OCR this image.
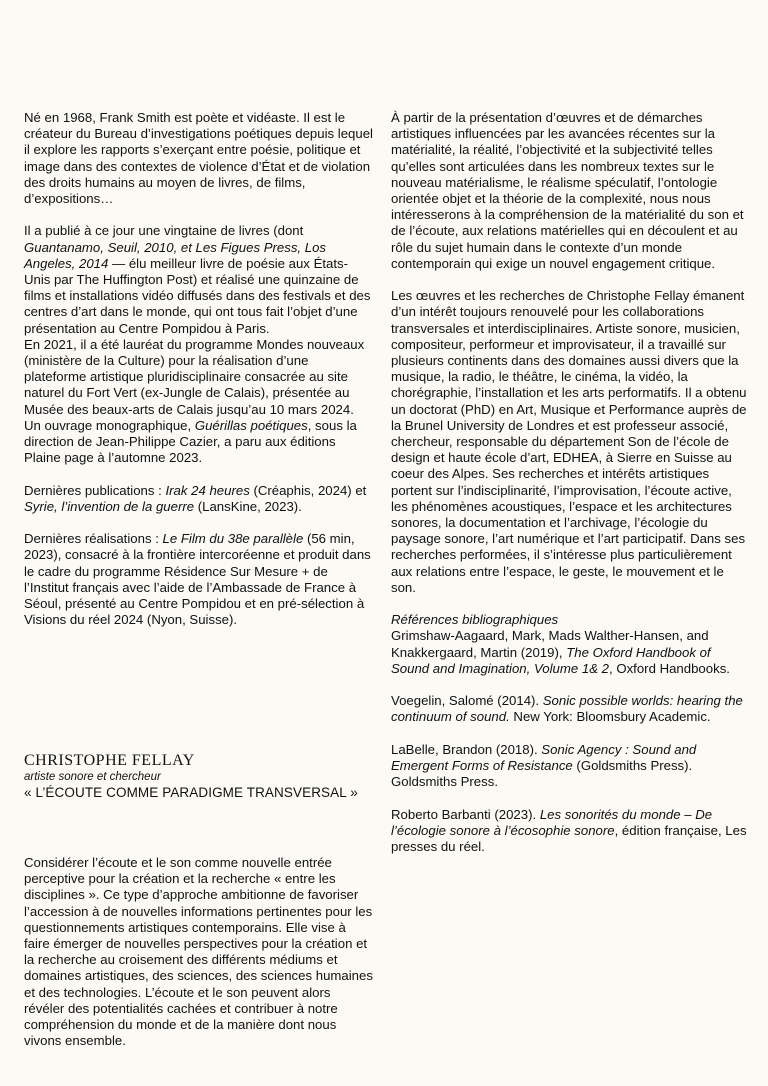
Né en 1968, Frank Smith est poète et vidéaste. Il est le créateur du Bureau d’investigations poétiques depuis lequel il explore les rapports s’exerçant entre poésie, politique et image dans des contextes de violence d’État et de violation des droits humains au moyen de livres, de films, d’expositions…

Il a publié à ce jour une vingtaine de livres (dont Guantanamo, Seuil, 2010, et Les Figues Press, Los Angeles, 2014 — élu meilleur livre de poésie aux États-Unis par The Huffington Post) et réalisé une quinzaine de films et installations vidéo diffusés dans des festivals et des centres d’art dans le monde, qui ont tous fait l’objet d’une présentation au Centre Pompidou à Paris.

En 2021, il a été lauréat du programme Mondes nouveaux (ministère de la Culture) pour la réalisation d’une plateforme artistique pluridisciplinaire consacrée au site naturel du Fort Vert (ex-Jungle de Calais), présentée au Musée des beaux-arts de Calais jusqu’au 10 mars 2024.

Un ouvrage monographique, Guérillas poétiques, sous la direction de Jean-Philippe Cazier, a paru aux éditions Plaine page à l’automne 2023.

Dernières publications : Irak 24 heures (Créaphis, 2024) et Syrie, l’invention de la guerre (LansKine, 2023).

Dernières réalisations : Le Film du 38e parallèle (56 min, 2023), consacré à la frontière intercoréenne et produit dans le cadre du programme Résidence Sur Mesure + de l’Institut français avec l’aide de l’Ambassade de France à Séoul, présenté au Centre Pompidou et en pré-sélection à Visions du réel 2024 (Nyon, Suisse).

CHRISTOPHE FELLAY
artiste sonore et chercheur
« L’ÉCOUTE COMME PARADIGME TRANSVERSAL »

Considérer l’écoute et le son comme nouvelle entrée perceptive pour la création et la recherche « entre les disciplines ». Ce type d’approche ambitionne de favoriser l’accession à de nouvelles informations pertinentes pour les questionnements artistiques contemporains. Elle vise à faire émerger de nouvelles perspectives pour la création et la recherche au croisement des différents médiums et domaines artistiques, des sciences, des sciences humaines et des technologies. L’écoute et le son peuvent alors révéler des potentialités cachées et contribuer à notre compréhension du monde et de la manière dont nous vivons ensemble.

À partir de la présentation d’œuvres et de démarches artistiques influencées par les avancées récentes sur la matérialité, la réalité, l’objectivité et la subjectivité telles qu’elles sont articulées dans les nombreux textes sur le nouveau matérialisme, le réalisme spéculatif, l’ontologie orientée objet et la théorie de la complexité, nous nous intéresserons à la compréhension de la matérialité du son et de l’écoute, aux relations matérielles qui en découlent et au rôle du sujet humain dans le contexte d’un monde contemporain qui exige un nouvel engagement critique.

Les œuvres et les recherches de Christophe Fellay émanent d’un intérêt toujours renouvelé pour les collaborations transversales et interdisciplinaires. Artiste sonore, musicien, compositeur, performeur et improvisateur, il a travaillé sur plusieurs continents dans des domaines aussi divers que la musique, la radio, le théâtre, le cinéma, la vidéo, la chorégraphie, l’installation et les arts performatifs. Il a obtenu un doctorat (PhD) en Art, Musique et Performance auprès de la Brunel University de Londres et est professeur associé, chercheur, responsable du département Son de l’école de design et haute école d’art, EDHEA, à Sierre en Suisse au coeur des Alpes. Ses recherches et intérêts artistiques portent sur l’indisciplinarité, l’improvisation, l’écoute active, les phénomènes acoustiques, l’espace et les architectures sonores, la documentation et l’archivage, l’écologie du paysage sonore, l’art numérique et l’art participatif. Dans ses recherches performées, il s’intéresse plus particulièrement aux relations entre l’espace, le geste, le mouvement et le son.

Références bibliographiques

Grimshaw-Aagaard, Mark, Mads Walther-Hansen, and Knakkergaard, Martin (2019), The Oxford Handbook of Sound and Imagination, Volume 1& 2, Oxford Handbooks.

Voegelin, Salomé (2014). Sonic possible worlds: hearing the continuum of sound. New York: Bloomsbury Academic.

LaBelle, Brandon (2018). Sonic Agency : Sound and Emergent Forms of Resistance (Goldsmiths Press). Goldsmiths Press.

Roberto Barbanti (2023). Les sonorités du monde – De l’écologie sonore à l’écosophie sonore, édition française, Les presses du réel.
